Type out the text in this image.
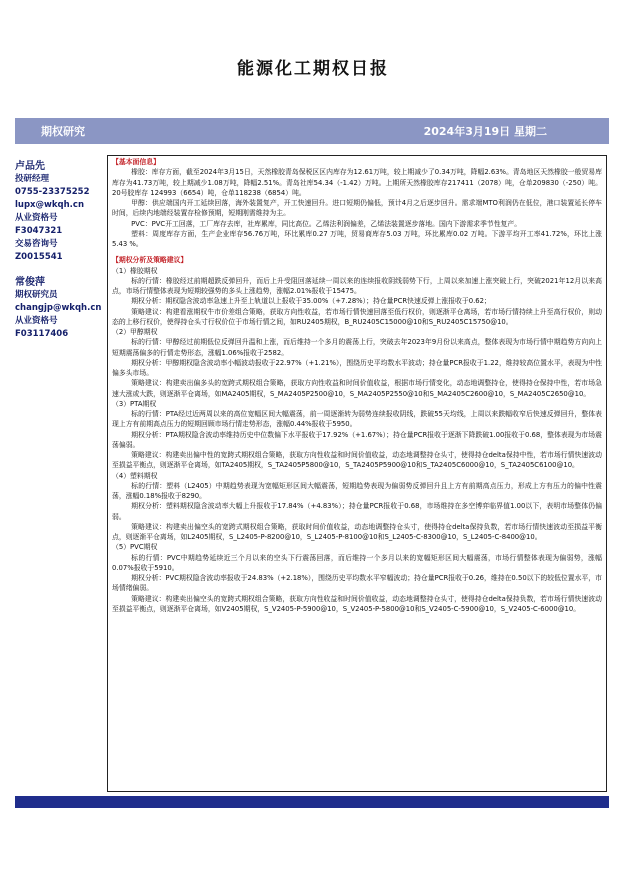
能源化工期权日报
期权研究	2024年3月19日 星期二
卢品先
投研经理
0755-23375252
lupx@wkqh.cn
从业资格号
F3047321
交易咨询号
Z0015541
常俊萍
期权研究员
changjp@wkqh.cn
从业资格号
F03117406

【基本面信息】

橡胶：库存方面，截至2024年3月15日，天然橡胶青岛保税区区内库存为12.61万吨，较上期减少了0.34万吨，降幅2.63%。青岛地区天然橡胶一般贸易库库存为41.73万吨，较上期减少1.08万吨，降幅2.51%。青岛社库54.34（-1.42）万吨。上期所天然橡胶库存217411（2078）吨，仓单209830（-250）吨。20号胶库存 124993（6654）吨，仓单118238（6854）吨。

甲醇：供应端国内开工延续回落，海外装置复产，开工快速回升。进口短期仍偏低，预计4月之后逐步回升。需求端MTO利润仍在低位，港口装置延长停车时间，后续内地端经装置存检修预期，短期刚需维持为主。

PVC：PVC开工回落，工厂库存去库，社库累库，同比高位。乙烯法利润偏差，乙烯法装置逐步落地。国内下游需求季节性复产。

塑料：周度库存方面，生产企业库存56.76万吨，环比累库0.27 万吨，贸易商库存5.03 万吨，环比累库0.02 万吨。下游平均开工率41.72%，环比上涨5.43 %。

【期权分析及策略建议】

（1）橡胶期权

标的行情：橡胶经过前期超跌反弹回升，而后上升受阻回落延续一周以来的连续报收阴线弱势下行，上周以来加速上涨突破上行，突破2021年12月以来高点，市场行情整体表现为短期较强势的多头上涨趋势，涨幅2.01%报收于15475。

期权分析：期权隐含波动率急速上升至上轨道以上报收于35.00%（+7.28%）；持仓量PCR快速反弹上涨报收于0.62；

策略建议：构建看涨期权牛市价差组合策略，获取方向性收益，若市场行情快速回落至低行权价，则逐渐平仓离场，若市场行情持续上升至高行权价，则动态的上移行权价，使得持仓头寸行权价位于市场行情之间，如RU2405期权，B_RU2405C15000@10和S_RU2405C15750@10。

（2）甲醇期权

标的行情：甲醇经过前期低位反弹回升温和上涨，而后维持一个多月的震荡上行，突破去年2023年9月份以来高点，整体表现为市场行情中期趋势方向向上短期震荡偏多的行情走势形态，涨幅1.06%报收于2582。

期权分析：甲醇期权隐含波动率小幅波动报收于22.97%（+1.21%），围绕历史平均数水平波动；持仓量PCR报收于1.22，维持较高位置水平，表现为中性偏多头市场。

策略建议：构建卖出偏多头的宽跨式期权组合策略，获取方向性收益和时间价值收益，根据市场行情变化，动态地调整持仓，使得持仓保持中性，若市场急速大涨或大跌，则逐渐平仓离场，如MA2405期权，S_MA2405P2500@10，S_MA2405P2550@10和S_MA2405C2600@10，S_MA2405C2650@10。

（3）PTA期权

标的行情：PTA经过近两周以来的高位宽幅区间大幅震荡，前一周逐渐转为弱势连续报收阴线，跌破55天均线，上周以来跌幅收窄后快速反弹回升，整体表现上方有前期高点压力的短期回顾市场行情走势形态，涨幅0.44%报收于5950。

期权分析：PTA期权隐含波动率维持历史中位数偏下水平报收于17.92%（+1.67%）；持仓量PCR报收于逐渐下降跌破1.00报收于0.68，整体表现为市场震荡偏弱。

策略建议：构建卖出偏中性的宽跨式期权组合策略，获取方向性收益和时间价值收益，动态地调整持仓头寸，使得持仓delta保持中性，若市场行情快速波动至损益平衡点，则逐渐平仓离场，如TA2405期权，S_TA2405P5800@10，S_TA2405P5900@10和S_TA2405C6000@10，S_TA2405C6100@10。

（4）塑料期权

标的行情：塑料（L2405）中期趋势表现为宽幅矩形区间大幅震荡，短期趋势表现为偏弱势反弹回升且上方有前期高点压力，形成上方有压力的偏中性震荡，涨幅0.18%报收于8290。

期权分析：塑料期权隐含波动率大幅上升报收于17.84%（+4.83%）；持仓量PCR报收于0.68，市场维持在多空博弈临界值1.00以下，表明市场整体仍偏弱。

策略建议：构建卖出偏空头的宽跨式期权组合策略，获取时间价值收益，动态地调整持仓头寸，使得持仓delta保持负数，若市场行情快速波动至损益平衡点，则逐渐平仓离场，如L2405期权，S_L2405-P-8200@10，S_L2405-P-8100@10和S_L2405-C-8300@10，S_L2405-C-8400@10。

（5）PVC期权

标的行情：PVC中期趋势延续近三个月以来的空头下行震荡回落，而后维持一个多月以来的宽幅矩形区间大幅震荡，市场行情整体表现为偏弱势，涨幅0.07%报收于5910。

期权分析：PVC期权隐含波动率报收于24.83%（+2.18%），围绕历史平均数水平窄幅波动；持仓量PCR报收于0.26，维持在0.50以下的较低位置水平，市场情绪偏弱。

策略建议：构建卖出偏空头的宽跨式期权组合策略，获取方向性收益和时间价值收益，动态地调整持仓头寸，使得持仓delta保持负数，若市场行情快速波动至损益平衡点，则逐渐平仓离场，如V2405期权，S_V2405-P-5900@10，S_V2405-P-5800@10和S_V2405-C-5900@10，S_V2405-C-6000@10。
